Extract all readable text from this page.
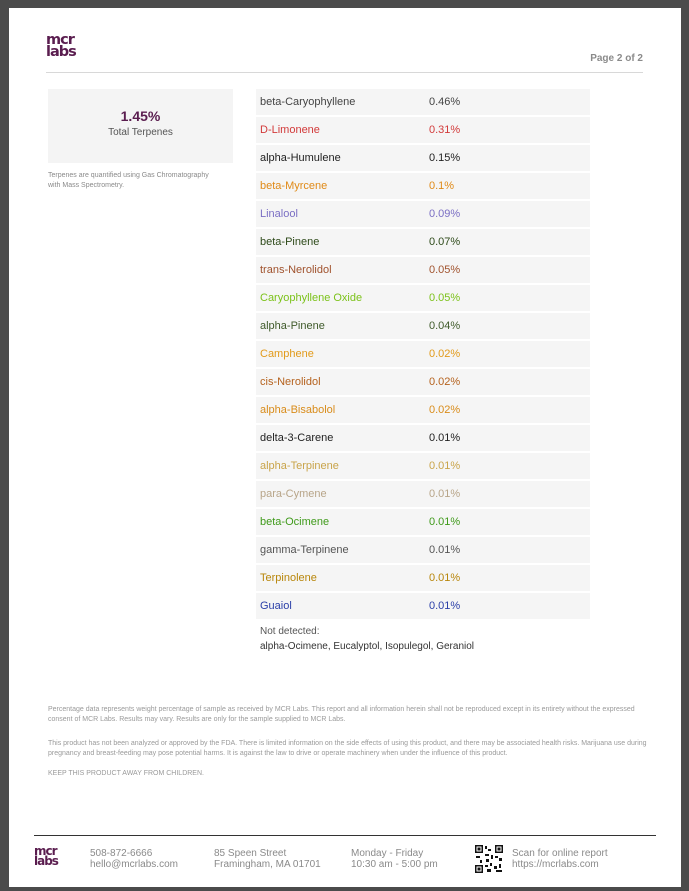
mcr
labs	Page 2 of 2
1.45%
Total Terpenes
Terpenes are quantified using Gas Chromatography with Mass Spectrometry.
beta-Caryophyllene	0.46%
D-Limonene	0.31%
alpha-Humulene	0.15%
beta-Myrcene	0.1%
Linalool	0.09%
beta-Pinene	0.07%
trans-Nerolidol	0.05%
Caryophyllene Oxide	0.05%
alpha-Pinene	0.04%
Camphene	0.02%
cis-Nerolidol	0.02%
alpha-Bisabolol	0.02%
delta-3-Carene	0.01%
alpha-Terpinene	0.01%
para-Cymene	0.01%
beta-Ocimene	0.01%
gamma-Terpinene	0.01%
Terpinolene	0.01%
Guaiol	0.01%
Not detected:
alpha-Ocimene, Eucalyptol, Isopulegol, Geraniol
Percentage data represents weight percentage of sample as received by MCR Labs. This report and all information herein shall not be reproduced except in its entirety without the expressed consent of MCR Labs. Results may vary. Results are only for the sample supplied to MCR Labs.
This product has not been analyzed or approved by the FDA. There is limited information on the side effects of using this product, and there may be associated health risks. Marijuana use during pregnancy and breast-feeding may pose potential harms. It is against the law to drive or operate machinery when under the influence of this product.
KEEP THIS PRODUCT AWAY FROM CHILDREN.
mcr
labs
508-872-6666
hello@mcrlabs.com
85 Speen Street
Framingham, MA 01701
Monday - Friday
10:30 am - 5:00 pm
Scan for online report
https://mcrlabs.com
